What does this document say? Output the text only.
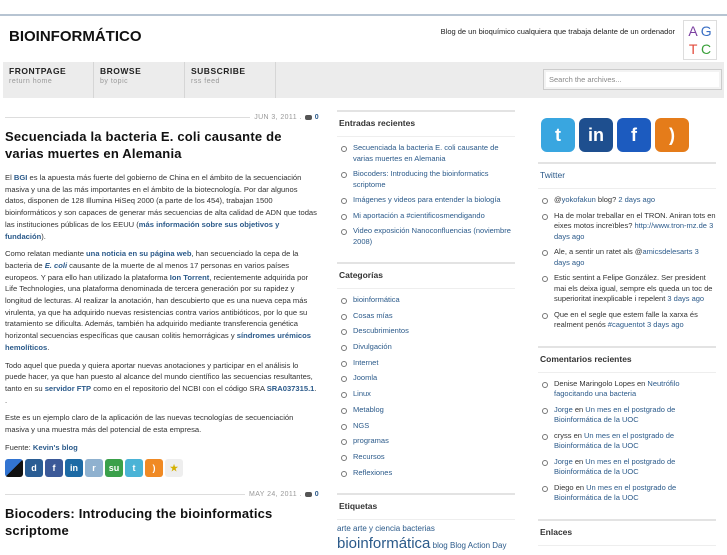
BIOINFORMÁTICO	Blog de un bioquímico cualquiera que trabaja delante de un ordenador A G
T C
FRONTPAGE
return home
BROWSE
by topic
SUBSCRIBE
rss feed	Search the archives...
JUN 3, 2011 . 0
Secuenciada la bacteria E. coli causante de varias muertes en Alemania

El BGI es la apuesta más fuerte del gobierno de China en el ámbito de la secuenciación masiva y una de las más importantes en el ámbito de la biotecnología. Por dar algunos datos, disponen de 128 Illumina HiSeq 2000 (a parte de los 454), trabajan 1500 bioinformáticos y son capaces de generar más secuencias de alta calidad de ADN que todas las instituciones públicas de los EEUU (más información sobre sus objetivos y fundación).

Como relatan mediante una noticia en su página web, han secuenciado la cepa de la bacteria de E. coli causante de la muerte de al menos 17 personas en varios países europeos. Y para ello han utilizado la plataforma Ion Torrent, recientemente adquirida por Life Technologies, una plataforma denominada de tercera generación por su rapidez y longitud de lecturas. Al realizar la anotación, han descubierto que es una nueva cepa más virulenta, ya que ha adquirido nuevas resistencias contra varios antibióticos, por lo que su tratamiento se dificulta. Además, también ha adquirido mediante transferencia genética horizontal secuencias específicas que causan colitis hemorrágicas y síndromes urémicos hemolíticos.

Todo aquel que pueda y quiera aportar nuevas anotaciones y participar en el análisis lo puede hacer, ya que han puesto al alcance del mundo científico las secuencias resultantes, tanto en su servidor FTP como en el repositorio del NCBI con el código SRA SRA037315.1. .

Este es un ejemplo claro de la aplicación de las nuevas tecnologías de secuenciación masiva y una muestra más del potencial de esta empresa.

Fuente: Kevin's blog

d	f	in	r	su	t	)	★
MAY 24, 2011 . 0
Biocoders: Introducing the bioinformatics scriptome
Entradas recientes
Secuenciada la bacteria E. coli causante de varias muertes en Alemania
Biocoders: Introducing the bioinformatics scriptome
Imágenes y videos para entender la biología
Mi aportación a #cientificosmendigando
Video exposición Nanoconfluencias (noviembre 2008)
Categorías
bioinformática
Cosas mías
Descubrimientos
Divulgación
Internet
Joomla
Linux
Metablog
NGS
programas
Recursos
Reflexiones
Etiquetas
arte arte y ciencia bacterias
bioinformática blog Blog Action Day
t	in	f	)
Twitter
@yokofakun blog? 2 days ago
Ha de molar treballar en el TRON. Aniran tots en eixes motos increïbles? http://www.tron-mz.de 3 days ago
Ale, a sentir un ratet als @amicsdelesarts 3 days ago
Estic sentint a Felipe González. Ser president mai els deixa igual, sempre els queda un toc de superioritat inexplicable i repelent 3 days ago
Que en el segle que estem falle la xarxa és realment penós #caguentot 3 days ago
Comentarios recientes
Denise Maringolo Lopes en Neutrófilo fagocitando una bacteria
Jorge en Un mes en el postgrado de Bioinformática de la UOC
cryss en Un mes en el postgrado de Bioinformática de la UOC
Jorge en Un mes en el postgrado de Bioinformática de la UOC
Diego en Un mes en el postgrado de Bioinformática de la UOC
Enlaces
